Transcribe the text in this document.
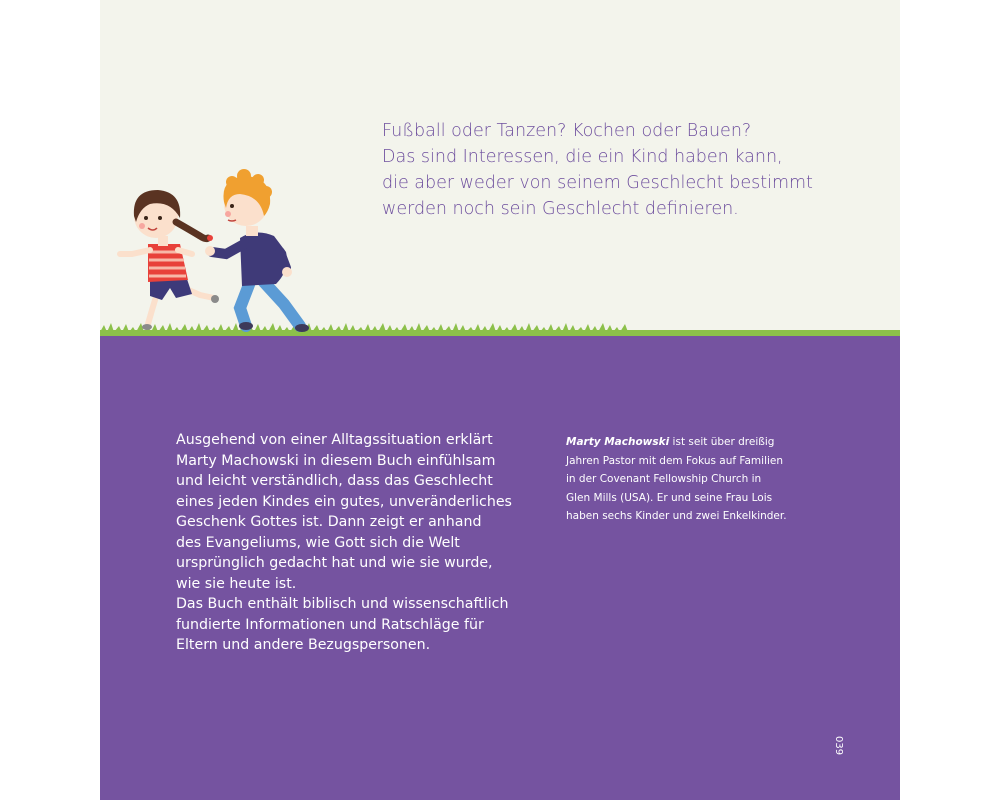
Fußball oder Tanzen? Kochen oder Bauen?
Das sind Interessen, die ein Kind haben kann,
die aber weder von seinem Geschlecht bestimmt
werden noch sein Geschlecht definieren.
Ausgehend von einer Alltagssituation erklärt
Marty Machowski in diesem Buch einfühlsam
und leicht verständlich, dass das Geschlecht
eines jeden Kindes ein gutes, unveränderliches
Geschenk Gottes ist. Dann zeigt er anhand
des Evangeliums, wie Gott sich die Welt
ursprünglich gedacht hat und wie sie wurde,
wie sie heute ist.
Das Buch enthält biblisch und wissenschaftlich
fundierte Informationen und Ratschläge für
Eltern und andere Bezugspersonen.
Marty Machowski ist seit über dreißig
Jahren Pastor mit dem Fokus auf Familien
in der Covenant Fellowship Church in
Glen Mills (USA). Er und seine Frau Lois
haben sechs Kinder und zwei Enkelkinder.
039
